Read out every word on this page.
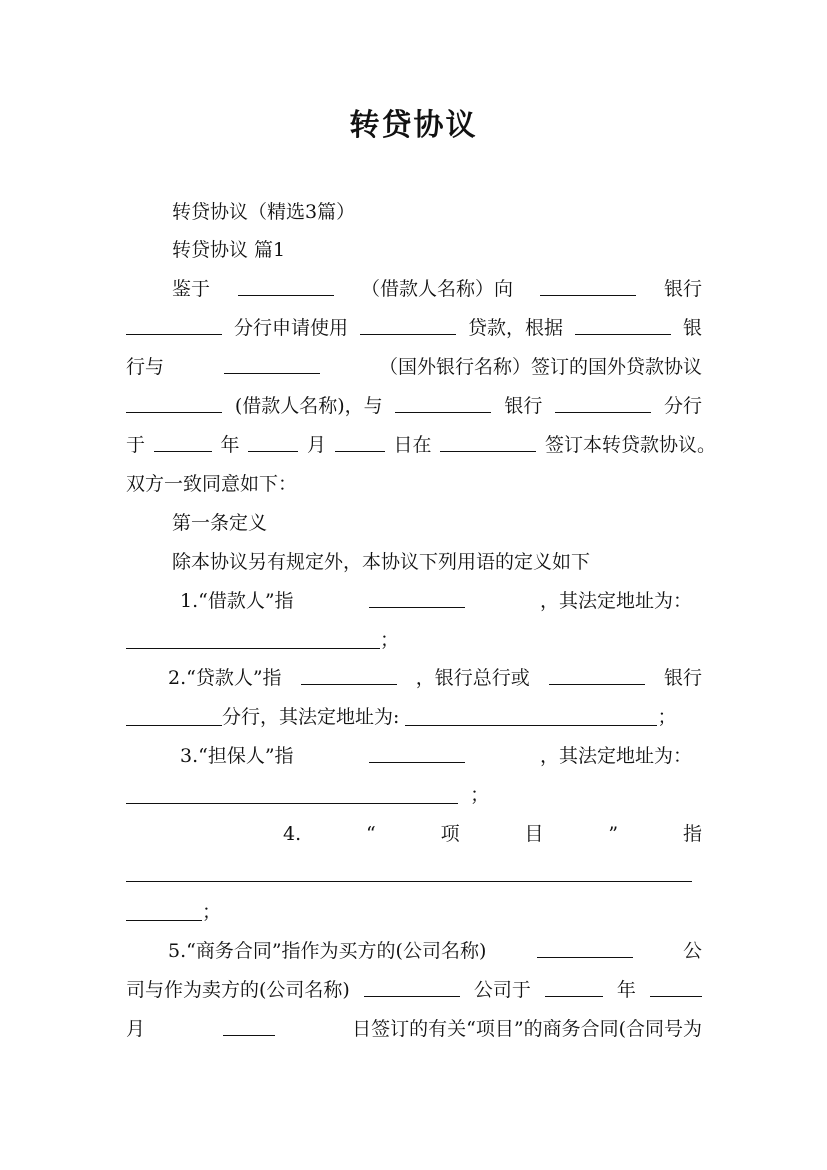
转贷协议
转贷协议（精选3篇）
转贷协议 篇1
鉴于	（借款人名称）向	银行
分行申请使用	贷款，根据	银
行与	（国外银行名称）签订的国外贷款协议
(借款人名称)，与	银行	分行
于	年	月	日在	签订本转贷款协议。
双方一致同意如下：
第一条定义
除本协议另有规定外，本协议下列用语的定义如下
1.“借款人”指	，其法定地址为：
；
2.“贷款人”指	，银行总行或	银行
分行，其法定地址为:	；
3.“担保人”指	，其法定地址为：
；
4.	“	项	目	”	指
；
5.“商务合同”指作为买方的(公司名称)	公
司与作为卖方的(公司名称)	公司于	年
月	日签订的有关“项目”的商务合同(合同号为
